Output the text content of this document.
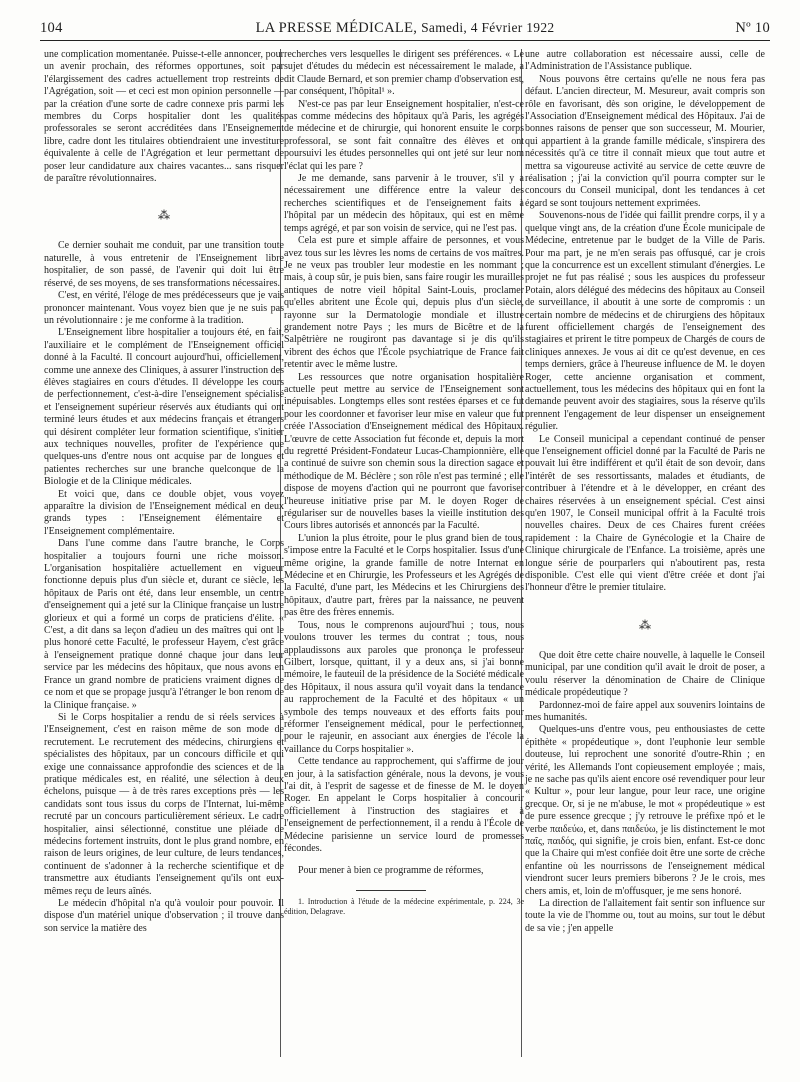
104	LA PRESSE MÉDICALE, Samedi, 4 Février 1922	Nº 10

une complication momentanée. Puisse-t-elle annoncer, pour un avenir prochain, des réformes opportunes, soit par l'élargissement des cadres actuellement trop restreints de l'Agrégation, soit — et ceci est mon opinion personnelle — par la création d'une sorte de cadre connexe pris parmi les membres du Corps hospitalier dont les qualités professorales se seront accréditées dans l'Enseignement libre, cadre dont les titulaires obtiendraient une investiture équivalente à celle de l'Agrégation et leur permettant de poser leur candidature aux chaires vacantes... sans risquer de paraître révolutionnaires.

⁂

Ce dernier souhait me conduit, par une transition toute naturelle, à vous entretenir de l'Enseignement libre hospitalier, de son passé, de l'avenir qui doit lui être réservé, de ses moyens, de ses transformations nécessaires.

C'est, en vérité, l'éloge de mes prédécesseurs que je vais prononcer maintenant. Vous voyez bien que je ne suis pas un révolutionnaire : je me conforme à la tradition.

L'Enseignement libre hospitalier a toujours été, en fait, l'auxiliaire et le complément de l'Enseignement officiel donné à la Faculté. Il concourt aujourd'hui, officiellement, comme une annexe des Cliniques, à assurer l'instruction des élèves stagiaires en cours d'études. Il développe les cours de perfectionnement, c'est-à-dire l'enseignement spécialisé et l'enseignement supérieur réservés aux étudiants qui ont terminé leurs études et aux médecins français et étrangers qui désirent compléter leur formation scientifique, s'initier aux techniques nouvelles, profiter de l'expérience que quelques-uns d'entre nous ont acquise par de longues et patientes recherches sur une branche quelconque de la Biologie et de la Clinique médicales.

Et voici que, dans ce double objet, vous voyez apparaître la division de l'Enseignement médical en deux grands types : l'Enseignement élémentaire et l'Enseignement complémentaire.

Dans l'une comme dans l'autre branche, le Corps hospitalier a toujours fourni une riche moisson. L'organisation hospitalière actuellement en vigueur fonctionne depuis plus d'un siècle et, durant ce siècle, les hôpitaux de Paris ont été, dans leur ensemble, un centre d'enseignement qui a jeté sur la Clinique française un lustre glorieux et qui a formé un corps de praticiens d'élite. « C'est, a dit dans sa leçon d'adieu un des maîtres qui ont le plus honoré cette Faculté, le professeur Hayem, c'est grâce à l'enseignement pratique donné chaque jour dans leur service par les médecins des hôpitaux, que nous avons en France un grand nombre de praticiens vraiment dignes de ce nom et que se propage jusqu'à l'étranger le bon renom de la Clinique française. »

Si le Corps hospitalier a rendu de si réels services à l'Enseignement, c'est en raison même de son mode de recrutement. Le recrutement des médecins, chirurgiens et spécialistes des hôpitaux, par un concours difficile et qui exige une connaissance approfondie des sciences et de la pratique médicales est, en réalité, une sélection à deux échelons, puisque — à de très rares exceptions près — les candidats sont tous issus du corps de l'Internat, lui-même recruté par un concours particulièrement sérieux. Le cadre hospitalier, ainsi sélectionné, constitue une pléiade de médecins fortement instruits, dont le plus grand nombre, en raison de leurs origines, de leur culture, de leurs tendances, continuent de s'adonner à la recherche scientifique et de transmettre aux étudiants l'enseignement qu'ils ont eux-mêmes reçu de leurs aînés.

Le médecin d'hôpital n'a qu'à vouloir pour pouvoir. Il dispose d'un matériel unique d'observation ; il trouve dans son service la matière des

recherches vers lesquelles le dirigent ses préférences. « Le sujet d'études du médecin est nécessairement le malade, a dit Claude Bernard, et son premier champ d'observation est, par conséquent, l'hôpital¹ ».

N'est-ce pas par leur Enseignement hospitalier, n'est-ce pas comme médecins des hôpitaux qu'à Paris, les agrégés de médecine et de chirurgie, qui honorent ensuite le corps professoral, se sont fait connaître des élèves et ont poursuivi les études personnelles qui ont jeté sur leur nom l'éclat qui les pare ?

Je me demande, sans parvenir à le trouver, s'il y a nécessairement une différence entre la valeur des recherches scientifiques et de l'enseignement faits à l'hôpital par un médecin des hôpitaux, qui est en même temps agrégé, et par son voisin de service, qui ne l'est pas.

Cela est pure et simple affaire de personnes, et vous avez tous sur les lèvres les noms de certains de vos maîtres. Je ne veux pas troubler leur modestie en les nommant ; mais, à coup sûr, je puis bien, sans faire rougir les murailles antiques de notre vieil hôpital Saint-Louis, proclamer qu'elles abritent une École qui, depuis plus d'un siècle, rayonne sur la Dermatologie mondiale et illustre grandement notre Pays ; les murs de Bicêtre et de la Salpêtrière ne rougiront pas davantage si je dis qu'ils vibrent des échos que l'École psychiatrique de France fait retentir avec le même lustre.

Les ressources que notre organisation hospitalière actuelle peut mettre au service de l'Enseignement sont inépuisables. Longtemps elles sont restées éparses et ce fut pour les coordonner et favoriser leur mise en valeur que fut créée l'Association d'Enseignement médical des Hôpitaux. L'œuvre de cette Association fut féconde et, depuis la mort du regretté Président-Fondateur Lucas-Championnière, elle a continué de suivre son chemin sous la direction sagace et méthodique de M. Béclère ; son rôle n'est pas terminé ; elle dispose de moyens d'action qui ne pourront que favoriser l'heureuse initiative prise par M. le doyen Roger de régulariser sur de nouvelles bases la vieille institution des Cours libres autorisés et annoncés par la Faculté.

L'union la plus étroite, pour le plus grand bien de tous, s'impose entre la Faculté et le Corps hospitalier. Issus d'une même origine, la grande famille de notre Internat en Médecine et en Chirurgie, les Professeurs et les Agrégés de la Faculté, d'une part, les Médecins et les Chirurgiens des hôpitaux, d'autre part, frères par la naissance, ne peuvent pas être des frères ennemis.

Tous, nous le comprenons aujourd'hui ; tous, nous voulons trouver les termes du contrat ; tous, nous applaudissons aux paroles que prononça le professeur Gilbert, lorsque, quittant, il y a deux ans, si j'ai bonne mémoire, le fauteuil de la présidence de la Société médicale des Hôpitaux, il nous assura qu'il voyait dans la tendance au rapprochement de la Faculté et des hôpitaux « un symbole des temps nouveaux et des efforts faits pour réformer l'enseignement médical, pour le perfectionner, pour le rajeunir, en associant aux énergies de l'école la vaillance du Corps hospitalier ».

Cette tendance au rapprochement, qui s'affirme de jour en jour, à la satisfaction générale, nous la devons, je vous l'ai dit, à l'esprit de sagesse et de finesse de M. le doyen Roger. En appelant le Corps hospitalier à concourir officiellement à l'instruction des stagiaires et à l'enseignement de perfectionnement, il a rendu à l'École de Médecine parisienne un service lourd de promesses fécondes.

Pour mener à bien ce programme de réformes,

1. Introduction à l'étude de la médecine expérimentale, p. 224, 3e édition, Delagrave.

une autre collaboration est nécessaire aussi, celle de l'Administration de l'Assistance publique.

Nous pouvons être certains qu'elle ne nous fera pas défaut. L'ancien directeur, M. Mesureur, avait compris son rôle en favorisant, dès son origine, le développement de l'Association d'Enseignement médical des Hôpitaux. J'ai de bonnes raisons de penser que son successeur, M. Mourier, qui appartient à la grande famille médicale, s'inspirera des nécessités qu'à ce titre il connaît mieux que tout autre et mettra sa vigoureuse activité au service de cette œuvre de réalisation ; j'ai la conviction qu'il pourra compter sur le concours du Conseil municipal, dont les tendances à cet égard se sont toujours nettement exprimées.

Souvenons-nous de l'idée qui faillit prendre corps, il y a quelque vingt ans, de la création d'une École municipale de Médecine, entretenue par le budget de la Ville de Paris. Pour ma part, je ne m'en serais pas offusqué, car je crois que la concurrence est un excellent stimulant d'énergies. Le projet ne fut pas réalisé ; sous les auspices du professeur Potain, alors délégué des médecins des hôpitaux au Conseil de surveillance, il aboutit à une sorte de compromis : un certain nombre de médecins et de chirurgiens des hôpitaux furent officiellement chargés de l'enseignement des stagiaires et prirent le titre pompeux de Chargés de cours de cliniques annexes. Je vous ai dit ce qu'est devenue, en ces temps derniers, grâce à l'heureuse influence de M. le doyen Roger, cette ancienne organisation et comment, actuellement, tous les médecins des hôpitaux qui en font la demande peuvent avoir des stagiaires, sous la réserve qu'ils prennent l'engagement de leur dispenser un enseignement régulier.

Le Conseil municipal a cependant continué de penser que l'enseignement officiel donné par la Faculté de Paris ne pouvait lui être indifférent et qu'il était de son devoir, dans l'intérêt de ses ressortissants, malades et étudiants, de contribuer à l'étendre et à le développer, en créant des chaires réservées à un enseignement spécial. C'est ainsi qu'en 1907, le Conseil municipal offrit à la Faculté trois nouvelles chaires. Deux de ces Chaires furent créées rapidement : la Chaire de Gynécologie et la Chaire de Clinique chirurgicale de l'Enfance. La troisième, après une longue série de pourparlers qui n'aboutirent pas, resta disponible. C'est elle qui vient d'être créée et dont j'ai l'honneur d'être le premier titulaire.

⁂

Que doit être cette chaire nouvelle, à laquelle le Conseil municipal, par une condition qu'il avait le droit de poser, a voulu réserver la dénomination de Chaire de Clinique médicale propédeutique ?

Pardonnez-moi de faire appel aux souvenirs lointains de mes humanités.

Quelques-uns d'entre vous, peu enthousiastes de cette épithète « propédeutique », dont l'euphonie leur semble douteuse, lui reprochent une sonorité d'outre-Rhin ; en vérité, les Allemands l'ont copieusement employée ; mais, je ne sache pas qu'ils aient encore osé revendiquer pour leur « Kultur », pour leur langue, pour leur race, une origine grecque. Or, si je ne m'abuse, le mot « propédeutique » est de pure essence grecque ; j'y retrouve le préfixe πρό et le verbe παιδεύω, et, dans παιδεύω, je lis distinctement le mot παῖς, παιδός, qui signifie, je crois bien, enfant. Est-ce donc que la Chaire qui m'est confiée doit être une sorte de crèche enfantine où les nourrissons de l'enseignement médical viendront sucer leurs premiers biberons ? Je le crois, mes chers amis, et, loin de m'offusquer, je me sens honoré.

La direction de l'allaitement fait sentir son influence sur toute la vie de l'homme ou, tout au moins, sur tout le début de sa vie ; j'en appelle
